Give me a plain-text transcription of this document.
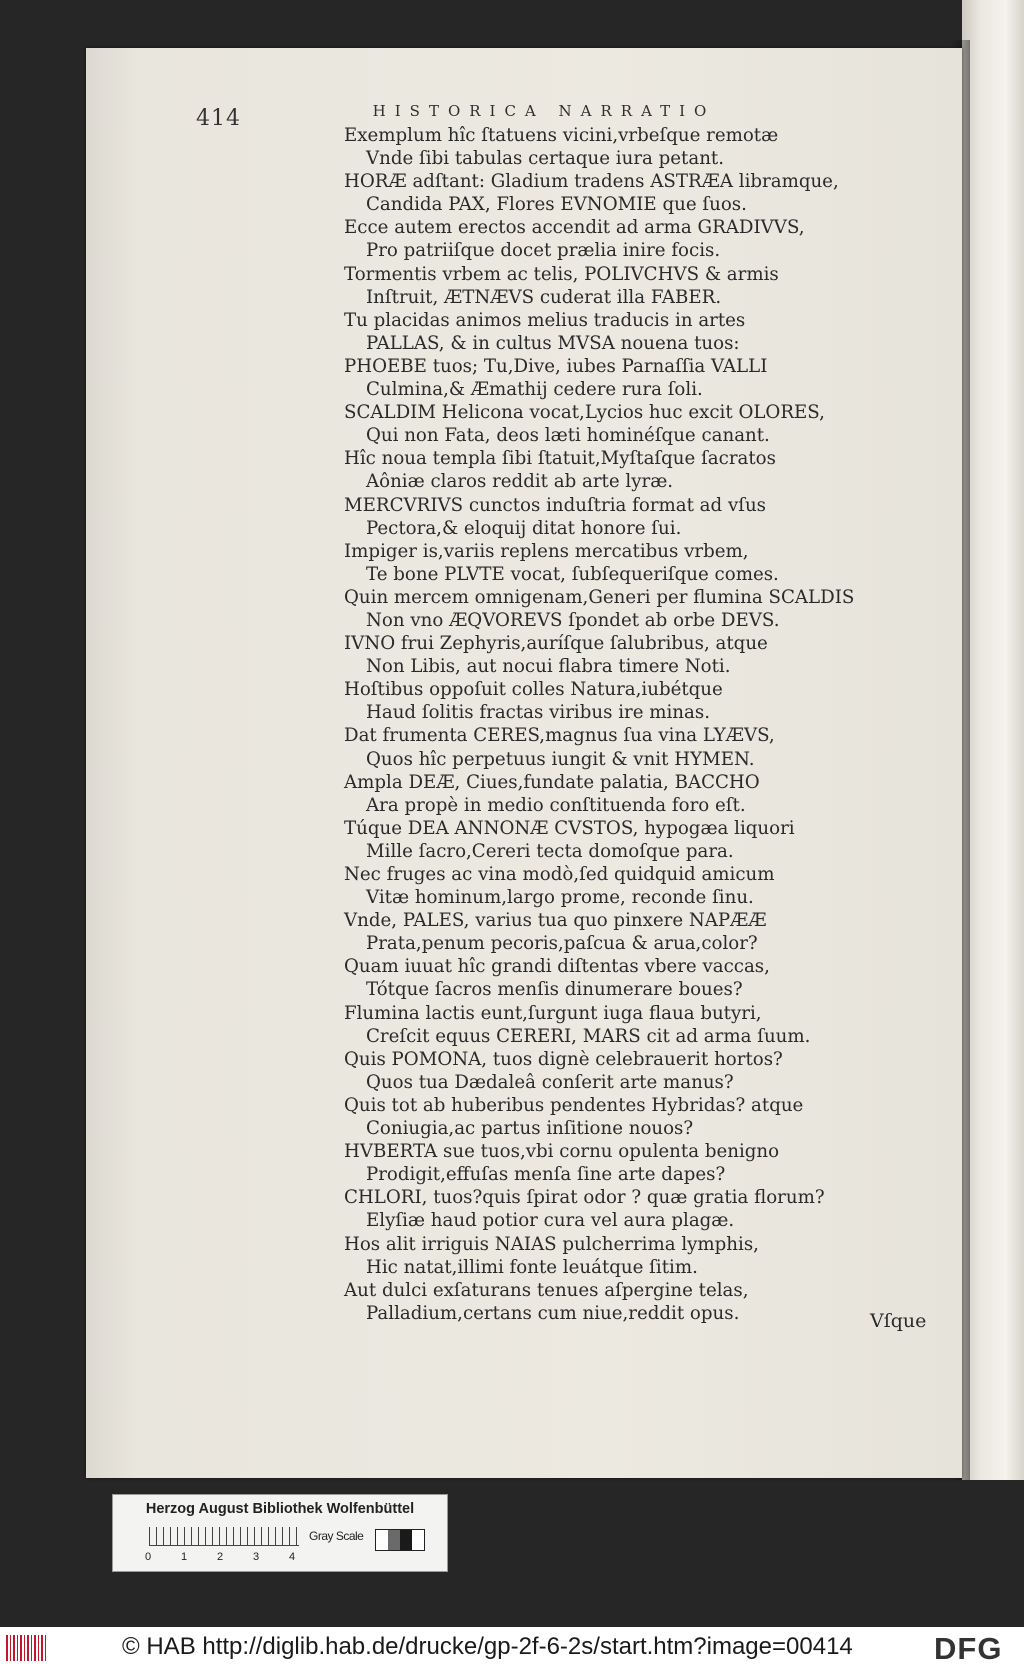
414	HISTORICA NARRATIO
Exemplum hîc ſtatuens vicini,vrbeſque remotæ
Vnde ſibi tabulas certaque iura petant.
HORÆ adſtant: Gladium tradens ASTRÆA libramque,
Candida PAX, Flores EVNOMIE que ſuos.
Ecce autem erectos accendit ad arma GRADIVVS,
Pro patriiſque docet prælia inire focis.
Tormentis vrbem ac telis, POLIVCHVS & armis
Inſtruit, ÆTNÆVS cuderat illa FABER.
Tu placidas animos melius traducis in artes
PALLAS, & in cultus MVSA nouena tuos:
PHOEBE tuos; Tu,Dive, iubes Parnaſſia VALLI
Culmina,& Æmathij cedere rura ſoli.
SCALDIM Helicona vocat,Lycios huc excit OLORES,
Qui non Fata, deos læti hominéſque canant.
Hîc noua templa ſibi ſtatuit,Myſtaſque ſacratos
Aôniæ claros reddit ab arte lyræ.
MERCVRIVS cunctos induſtria format ad vſus
Pectora,& eloquij ditat honore ſui.
Impiger is,variis replens mercatibus vrbem,
Te bone PLVTE vocat, ſubſequeriſque comes.
Quin mercem omnigenam,Generi per flumina SCALDIS
Non vno ÆQVOREVS ſpondet ab orbe DEVS.
IVNO frui Zephyris,auríſque ſalubribus, atque
Non Libis, aut nocui flabra timere Noti.
Hoſtibus oppoſuit colles Natura,iubétque
Haud ſolitis fractas viribus ire minas.
Dat frumenta CERES,magnus ſua vina LYÆVS,
Quos hîc perpetuus iungit & vnit HYMEN.
Ampla DEÆ, Ciues,fundate palatia, BACCHO
Ara propè in medio conſtituenda foro eſt.
Túque DEA ANNONÆ CVSTOS, hypogæa liquori
Mille ſacro,Cereri tecta domoſque para.
Nec fruges ac vina modò,ſed quidquid amicum
Vitæ hominum,largo prome, reconde ſinu.
Vnde, PALES, varius tua quo pinxere NAPÆÆ
Prata,penum pecoris,paſcua & arua,color?
Quam iuuat hîc grandi diſtentas vbere vaccas,
Tótque ſacros menſis dinumerare boues?
Flumina lactis eunt,ſurgunt iuga flaua butyri,
Creſcit equus CERERI, MARS cit ad arma ſuum.
Quis POMONA, tuos dignè celebrauerit hortos?
Quos tua Dædaleâ conſerit arte manus?
Quis tot ab huberibus pendentes Hybridas? atque
Coniugia,ac partus inſitione nouos?
HVBERTA sue tuos,vbi cornu opulenta benigno
Prodigit,effuſas menſa ſine arte dapes?
CHLORI, tuos?quis ſpirat odor ? quæ gratia florum?
Elyſiæ haud potior cura vel aura plagæ.
Hos alit irriguis NAIAS pulcherrima lymphis,
Hic natat,illimi fonte leuátque ſitim.
Aut dulci exſaturans tenues aſpergine telas,
Palladium,certans cum niue,reddit opus.	Vſque
Herzog August Bibliothek Wolfenbüttel
0	1	2	3	4
Gray Scale
© HAB http://diglib.hab.de/drucke/gp-2f-6-2s/start.htm?image=00414	DFG
